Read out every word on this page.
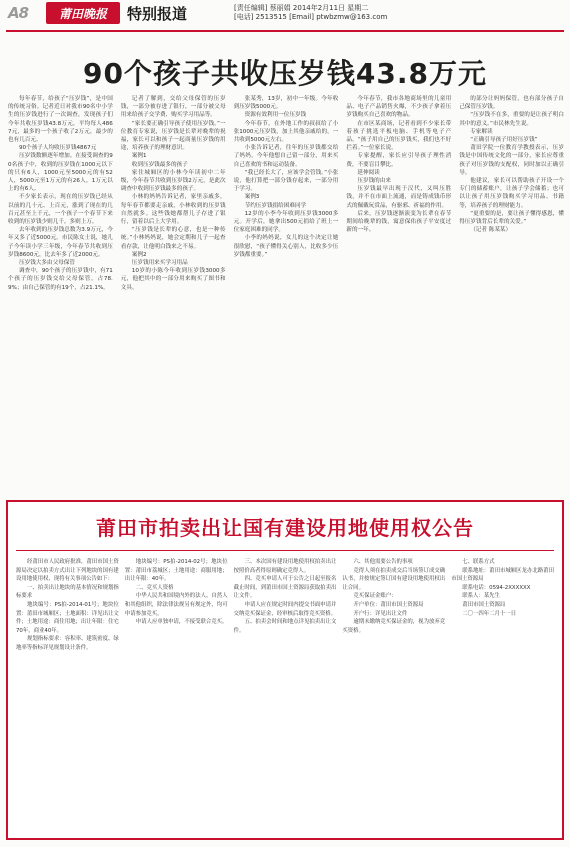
A8	莆田晚报	特别报道	[责任编辑] 蔡丽娟 2014年2月11日 星期二
[电话] 2513515 [Email] ptwbzmw@163.com
90个孩子共收压岁钱43.8万元

每年春节，给孩子“压岁钱”，是中国的传统习俗。记者近日对我市90名中小学生的压岁钱进行了一次调查，发现孩子们今年共收压岁钱43.8万元，平均每人4867元，最多的一个孩子收了2万元，最少的也有几百元。

90个孩子人均收压岁钱4867元

压岁钱数额逐年增加。在接受调查的90名孩子中，收到的压岁钱在1000元以下的只有6人，1000元至5000元的有52人，5000元至1万元的有26人，1万元以上的有6人。

不少家长表示，现在的压岁钱已经从以前的几十元、上百元，涨到了现在的几百元甚至上千元，一个孩子一个春节下来收到的压岁钱少则几千，多则上万。

去年收到的压岁钱总数为3.9万元，今年又多了近5000元。市民陈女士说，她儿子今年读小学三年级，今年春节共收到压岁钱8600元，比去年多了近2000元。

压岁钱大多由父母保管

调查中，90个孩子的压岁钱中，有71个孩子的压岁钱交给父母保管，占78.9%；由自己保管的有19个，占21.1%。

记者了解到，交给父母保管的压岁钱，一部分被存进了银行，一部分被父母用来给孩子交学费、购买学习用品等。

“家长要正确引导孩子使用压岁钱。”一位教育专家说，压岁钱是长辈对晚辈的祝福，家长可以和孩子一起商量压岁钱的用途，培养孩子的理财意识。

案例1

收到压岁钱最多的孩子

家住城厢区的小林今年读初中二年级，今年春节共收到压岁钱2万元，是此次调查中收到压岁钱最多的孩子。

小林的妈妈告诉记者，家里亲戚多，每年春节都要走亲戚，小林收到的压岁钱自然就多。这些钱她都帮儿子存进了银行，留着以后上大学用。

“压岁钱是长辈的心意，也是一种传统。”小林妈妈说，她会定期和儿子一起查看存款，让他明白钱来之不易。

案例2

压岁钱用来买学习用品

10岁的小陈今年收到压岁钱3000多元，他把其中的一部分用来购买了图书和文具。

张某秀，13岁，初中一年级。今年收到压岁钱5000元。

资源有效利用一位压岁钱

今年春节，在外地工作的叔叔给了小张1000元压岁钱，加上其他亲戚给的，一共收到5000元左右。

小张告诉记者，往年的压岁钱都交给了妈妈，今年他想自己留一部分，用来买自己喜欢的书和运动装备。

“我已经长大了，应该学会管钱。”小张说，他打算把一部分钱存起来，一部分用于学习。

案例3

节约压岁钱捐给困难同学

12岁的小李今年收到压岁钱3000多元。开学后，她拿出500元捐给了班上一位家庭困难的同学。

小李的妈妈说，女儿的这个决定让她很欣慰，“孩子懂得关心别人，比收多少压岁钱都重要。”

今年春节，我市各地商场里的儿童用品、电子产品销售火爆，不少孩子拿着压岁钱购买自己喜欢的物品。

在市区某商场，记者看到不少家长带着孩子挑选平板电脑、手机等电子产品。“孩子用自己的压岁钱买，我们也不好拦着。”一位家长说。

专家提醒，家长应引导孩子理性消费，不要盲目攀比。

延伸阅读

压岁钱的由来

压岁钱最早出现于汉代，又叫压胜钱，并不在市面上流通，而是铸成钱币形式的佩戴玩赏品，有驱邪、祈福的作用。

后来，压岁钱逐渐演变为长辈在春节期间给晚辈的钱，寓意保佑孩子平安度过新的一年。

的部分让妈妈保管，也有部分孩子自己保管压岁钱。

“压岁钱不在多，重要的是让孩子明白其中的意义。”市民林先生说。

专家解读

“正确引导孩子用好压岁钱”

莆田学院一位教育学教授表示，压岁钱是中国传统文化的一部分，家长应尊重孩子对压岁钱的支配权，同时加以正确引导。

他建议，家长可以帮助孩子开设一个专门的储蓄账户，让孩子学会储蓄；也可以让孩子用压岁钱购买学习用品、书籍等，培养孩子的理财能力。

“更重要的是，要让孩子懂得感恩，懂得压岁钱背后长辈的关爱。”

（记者 陈某某）

莆田市拍卖出让国有建设用地使用权公告

经莆田市人民政府批准，莆田市国土资源局决定以拍卖方式出让下列地块的国有建设用地使用权，现将有关事项公告如下：

一、拍卖出让地块的基本情况和规划指标要求

地块编号：PS拍-2014-01号；地块位置：莆田市城厢区；土地面积：详见出让文件；土地用途：商住用地；出让年限：住宅70年，商业40年。

规划指标要求：容积率、建筑密度、绿地率等指标详见规划设计条件。

地块编号：PS拍-2014-02号；地块位置：莆田市荔城区；土地用途：商服用地；出让年限：40年。

二、竞买人资格

中华人民共和国境内外的法人、自然人和其他组织，除法律法规另有规定外，均可申请参加竞买。

申请人应单独申请，不接受联合竞买。

三、本次国有建设用地使用权拍卖出让按照价高者得原则确定竞得人。

四、竞买申请人可于公告之日起至报名截止时间，到莆田市国土资源局获取拍卖出让文件。

申请人应在规定时间内提交书面申请并交纳竞买保证金，经审核后取得竞买资格。

五、拍卖会时间和地点详见拍卖出让文件。

六、其他需要公告的事项

竞得人须在拍卖成交后当场签订成交确认书，并按规定签订国有建设用地使用权出让合同。

竞买保证金账户：

开户单位：莆田市国土资源局

开户行：详见出让文件

逾期未缴纳竞买保证金的，视为放弃竞买资格。

七、联系方式

联系地址：莆田市城厢区龙办北路莆田市国土资源局

联系电话：0594-2XXXXXX

联系人：某先生

莆田市国土资源局

二〇一四年二月十一日
